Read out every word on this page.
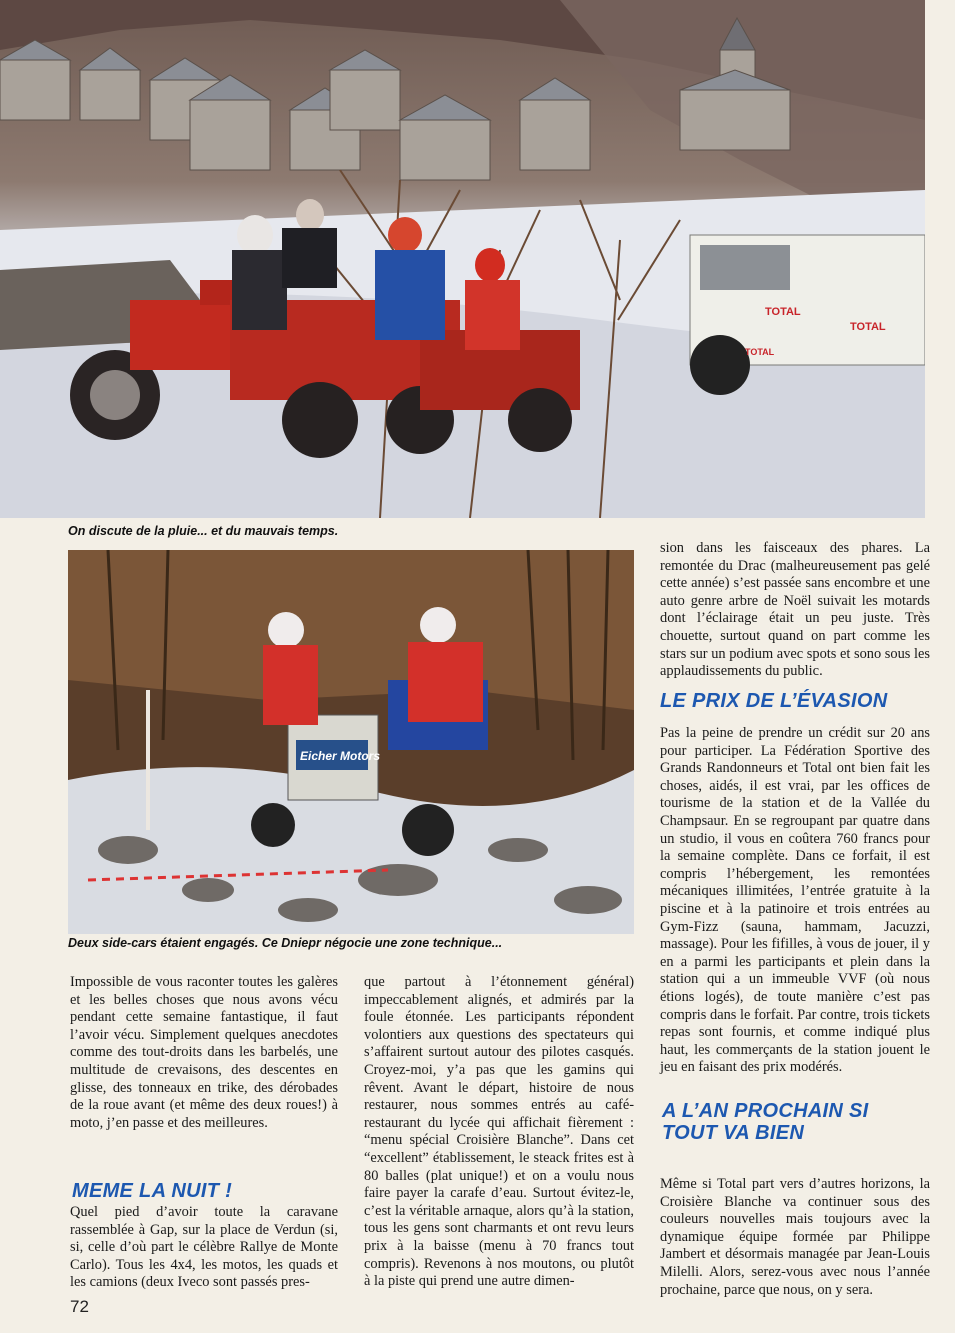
TOTAL
TOTAL
TOTAL
On discute de la pluie... et du mauvais temps.
Eicher Motors
Deux side-cars étaient engagés. Ce Dniepr négocie une zone technique...

Impossible de vous raconter toutes les galères et les belles choses que nous avons vécu pendant cette semaine fantastique, il faut l’avoir vécu. Simplement quelques anecdotes comme des tout-droits dans les barbelés, une multitude de crevaisons, des descentes en glisse, des tonneaux en trike, des dérobades de la roue avant (et même des deux roues!) à moto, j’en passe et des meilleures.

MEME LA NUIT !

Quel pied d’avoir toute la caravane rassemblée à Gap, sur la place de Verdun (si, si, celle d’où part le célèbre Rallye de Monte Carlo). Tous les 4x4, les motos, les quads et les camions (deux Iveco sont passés pres-

que partout à l’étonnement général) impeccablement alignés, et admirés par la foule étonnée. Les participants répondent volontiers aux questions des spectateurs qui s’affairent surtout autour des pilotes casqués. Croyez-moi, y’a pas que les gamins qui rêvent. Avant le départ, histoire de nous restaurer, nous sommes entrés au café-restaurant du lycée qui affichait fièrement : “menu spécial Croisière Blanche”. Dans cet “excellent” établissement, le steack frites est à 80 balles (plat unique!) et on a voulu nous faire payer la carafe d’eau. Surtout évitez-le, c’est la véritable arnaque, alors qu’à la station, tous les gens sont charmants et ont revu leurs prix à la baisse (menu à 70 francs tout compris). Revenons à nos moutons, ou plutôt à la piste qui prend une autre dimen-

sion dans les faisceaux des phares. La remontée du Drac (malheureusement pas gelé cette année) s’est passée sans encombre et une auto genre arbre de Noël suivait les motards dont l’éclairage était un peu juste. Très chouette, surtout quand on part comme les stars sur un podium avec spots et sono sous les applaudissements du public.

LE PRIX DE L’ÉVASION

Pas la peine de prendre un crédit sur 20 ans pour participer. La Fédération Sportive des Grands Randonneurs et Total ont bien fait les choses, aidés, il est vrai, par les offices de tourisme de la station et de la Vallée du Champsaur. En se regroupant par quatre dans un studio, il vous en coûtera 760 francs pour la semaine complète. Dans ce forfait, il est compris l’hébergement, les remontées mécaniques illimitées, l’entrée gratuite à la piscine et à la patinoire et trois entrées au Gym-Fizz (sauna, hammam, Jacuzzi, massage). Pour les fifilles, à vous de jouer, il y en a parmi les participants et plein dans la station qui a un immeuble VVF (où nous étions logés), de toute manière c’est pas compris dans le forfait. Par contre, trois tickets repas sont fournis, et comme indiqué plus haut, les commerçants de la station jouent le jeu en faisant des prix modérés.

A L’AN PROCHAIN SI
TOUT VA BIEN

Même si Total part vers d’autres horizons, la Croisière Blanche va continuer sous des couleurs nouvelles mais toujours avec la dynamique équipe formée par Philippe Jambert et désormais managée par Jean-Louis Milelli. Alors, serez-vous avec nous l’année prochaine, parce que nous, on y sera.

72
